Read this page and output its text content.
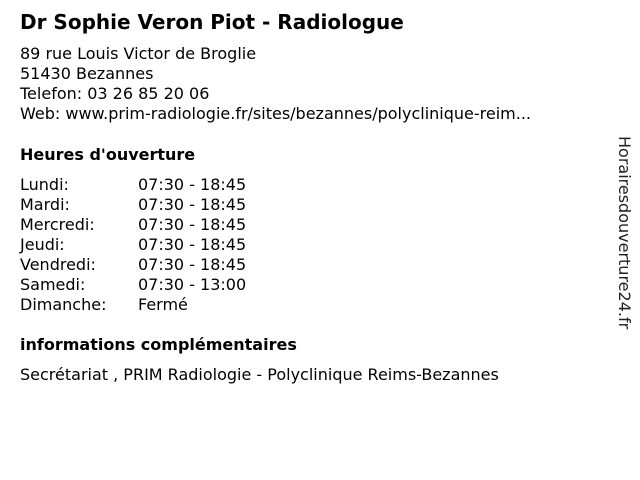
Dr Sophie Veron Piot - Radiologue
89 rue Louis Victor de Broglie
51430 Bezannes
Telefon: 03 26 85 20 06
Web: www.prim-radiologie.fr/sites/bezannes/polyclinique-reim...
Heures d'ouverture
Lundi:	07:30 - 18:45
Mardi:	07:30 - 18:45
Mercredi:	07:30 - 18:45
Jeudi:	07:30 - 18:45
Vendredi:	07:30 - 18:45
Samedi:	07:30 - 13:00
Dimanche:	Fermé
informations complémentaires
Secrétariat , PRIM Radiologie - Polyclinique Reims-Bezannes
Horairesdouverture24.fr
